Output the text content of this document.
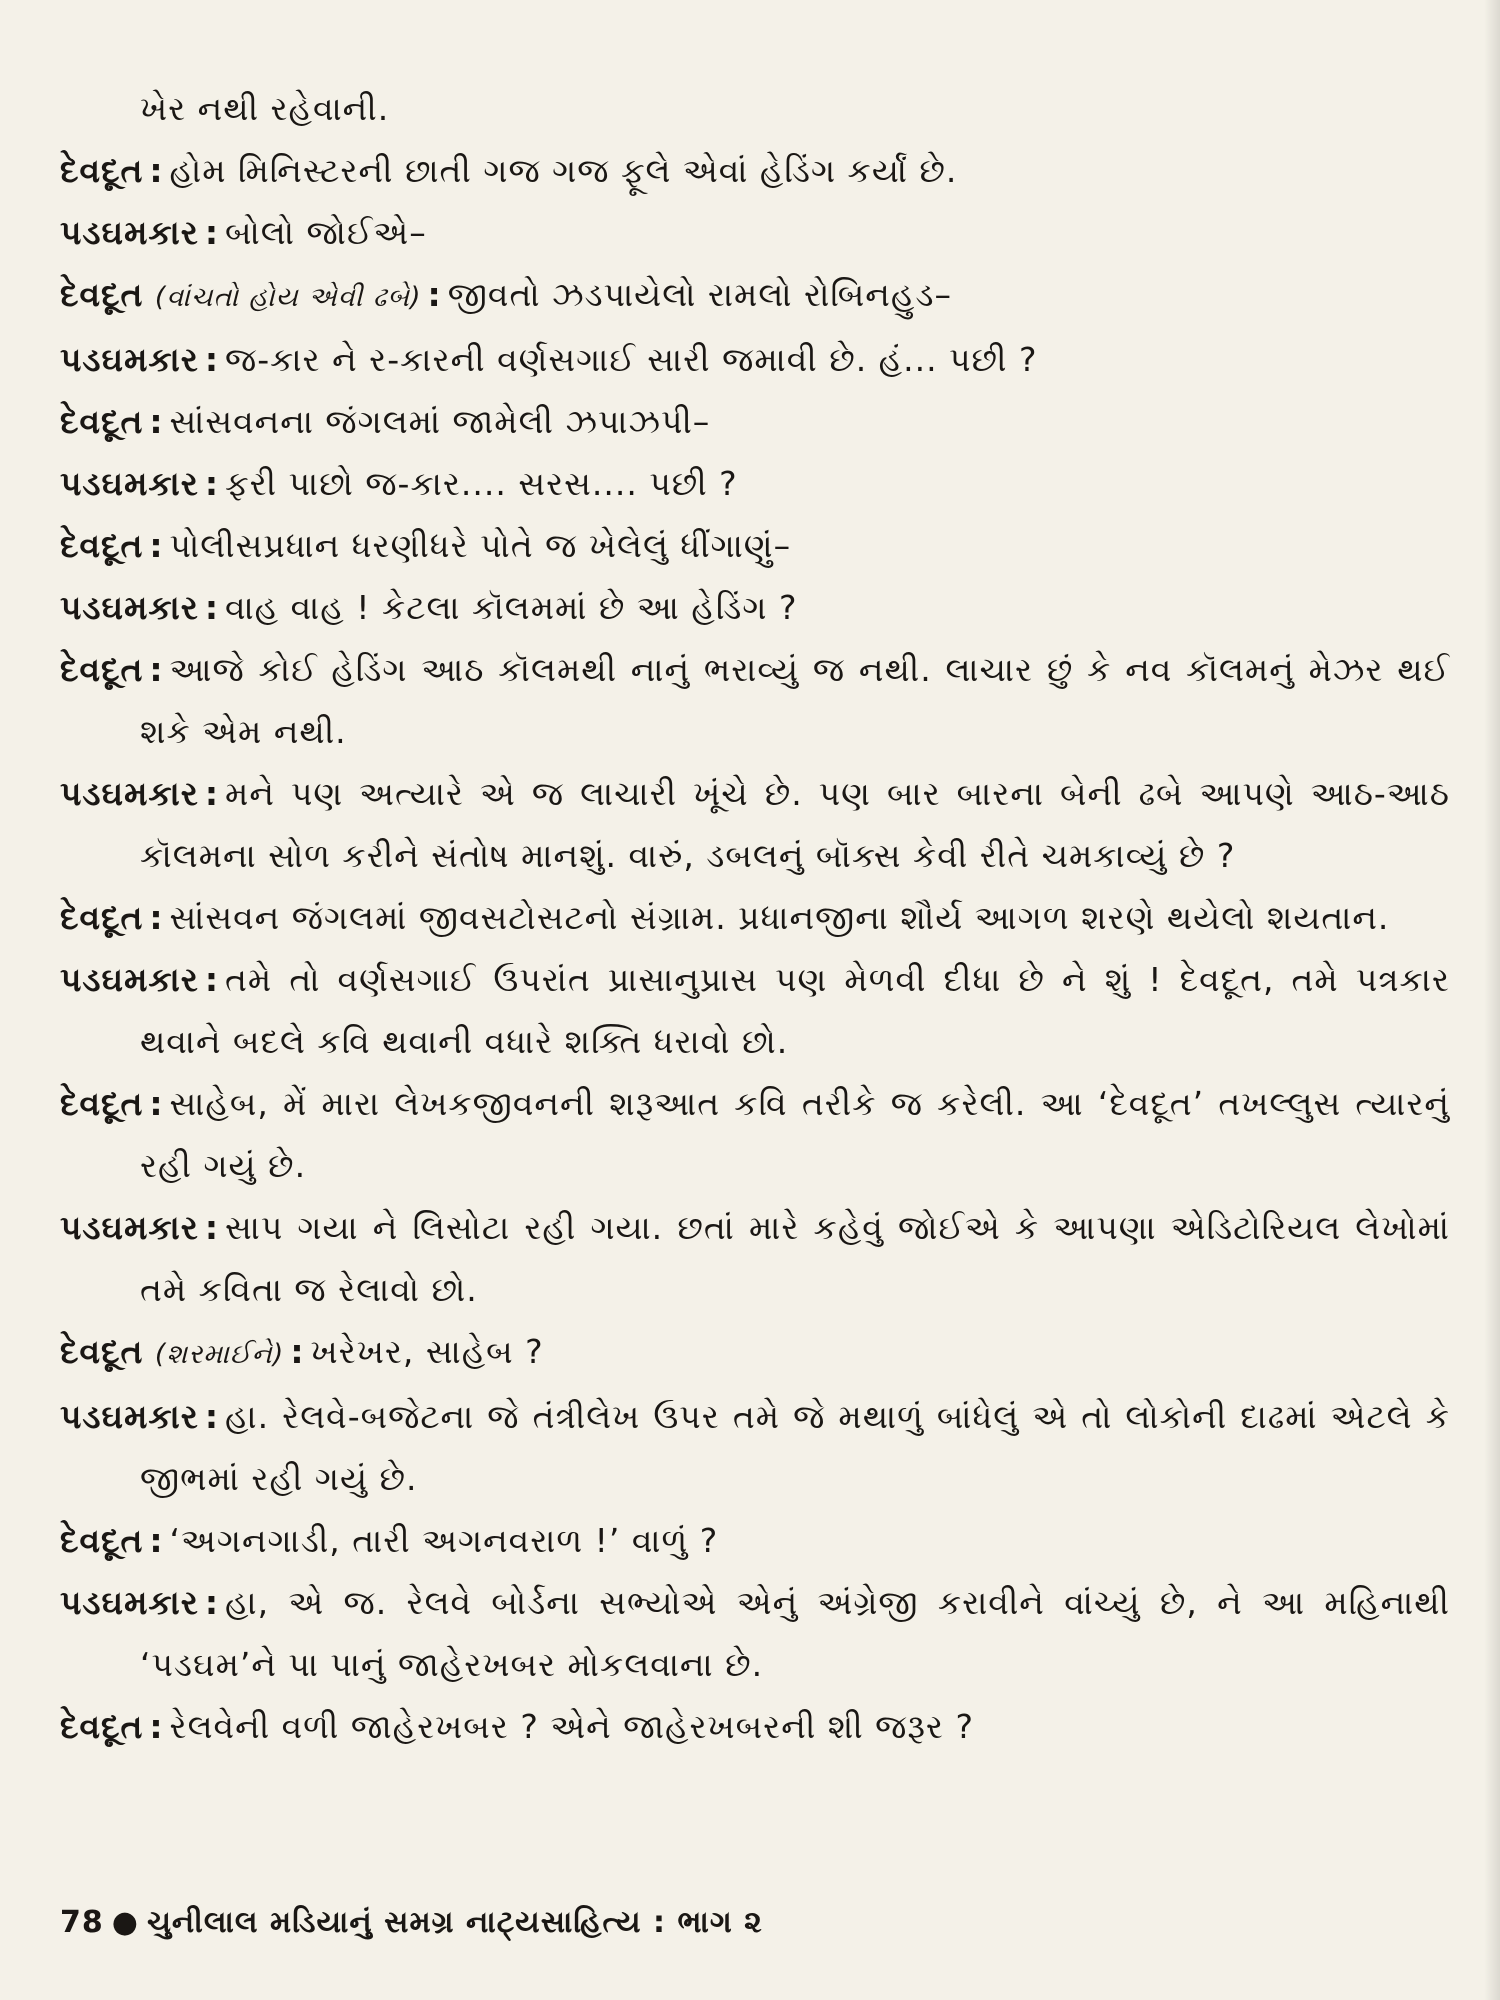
ખેર નથી રહેવાની.

દેવદૂત : હોમ મિનિસ્ટરની છાતી ગજ ગજ ફૂલે એવાં હેડિંગ કર્યાં છે.

પડઘમકાર : બોલો જોઈએ–

દેવદૂત (વાંચતો હોય એવી ઢબે) : જીવતો ઝડપાયેલો રામલો રોબિનહુડ–

પડઘમકાર : જ-કાર ને ર-કારની વર્ણસગાઈ સારી જમાવી છે. હં... પછી ?

દેવદૂત : સાંસવનના જંગલમાં જામેલી ઝપાઝપી–

પડઘમકાર : ફરી પાછો જ-કાર.... સરસ.... પછી ?

દેવદૂત : પોલીસપ્રધાન ધરણીધરે પોતે જ ખેલેલું ધીંગાણું–

પડઘમકાર : વાહ વાહ ! કેટલા કૉલમમાં છે આ હેડિંગ ?

દેવદૂત : આજે કોઈ હેડિંગ આઠ કૉલમથી નાનું ભરાવ્યું જ નથી. લાચાર છું કે નવ કૉલમનું મેઝર થઈ શકે એમ નથી.

પડઘમકાર : મને પણ અત્યારે એ જ લાચારી ખૂંચે છે. પણ બાર બારના બેની ઢબે આપણે આઠ-આઠ કૉલમના સોળ કરીને સંતોષ માનશું. વારું, ડબલનું બૉક્સ કેવી રીતે ચમકાવ્યું છે ?

દેવદૂત : સાંસવન જંગલમાં જીવસટોસટનો સંગ્રામ. પ્રધાનજીના શૌર્ય આગળ શરણે થયેલો શયતાન.

પડઘમકાર : તમે તો વર્ણસગાઈ ઉપરાંત પ્રાસાનુપ્રાસ પણ મેળવી દીધા છે ને શું ! દેવદૂત, તમે પત્રકાર થવાને બદલે કવિ થવાની વધારે શક્તિ ધરાવો છો.

દેવદૂત : સાહેબ, મેં મારા લેખકજીવનની શરૂઆત કવિ તરીકે જ કરેલી. આ ‘દેવદૂત’ તખલ્લુસ ત્યારનું રહી ગયું છે.

પડઘમકાર : સાપ ગયા ને લિસોટા રહી ગયા. છતાં મારે કહેવું જોઈએ કે આપણા એડિટોરિયલ લેખોમાં તમે કવિતા જ રેલાવો છો.

દેવદૂત (શરમાઈને) : ખરેખર, સાહેબ ?

પડઘમકાર : હા. રેલવે-બજેટના જે તંત્રીલેખ ઉપર તમે જે મથાળું બાંધેલું એ તો લોકોની દાઢમાં એટલે કે જીભમાં રહી ગયું છે.

દેવદૂત : ‘અગનગાડી, તારી અગનવરાળ !’ વાળું ?

પડઘમકાર : હા, એ જ. રેલવે બોર્ડના સભ્યોએ એનું અંગ્રેજી કરાવીને વાંચ્યું છે, ને આ મહિનાથી ‘પડઘમ’ને પા પાનું જાહેરખબર મોકલવાના છે.

દેવદૂત : રેલવેની વળી જાહેરખબર ? એને જાહેરખબરની શી જરૂર ?

78 ● ચુનીલાલ મડિયાનું સમગ્ર નાટ્યસાહિત્ય : ભાગ ૨
